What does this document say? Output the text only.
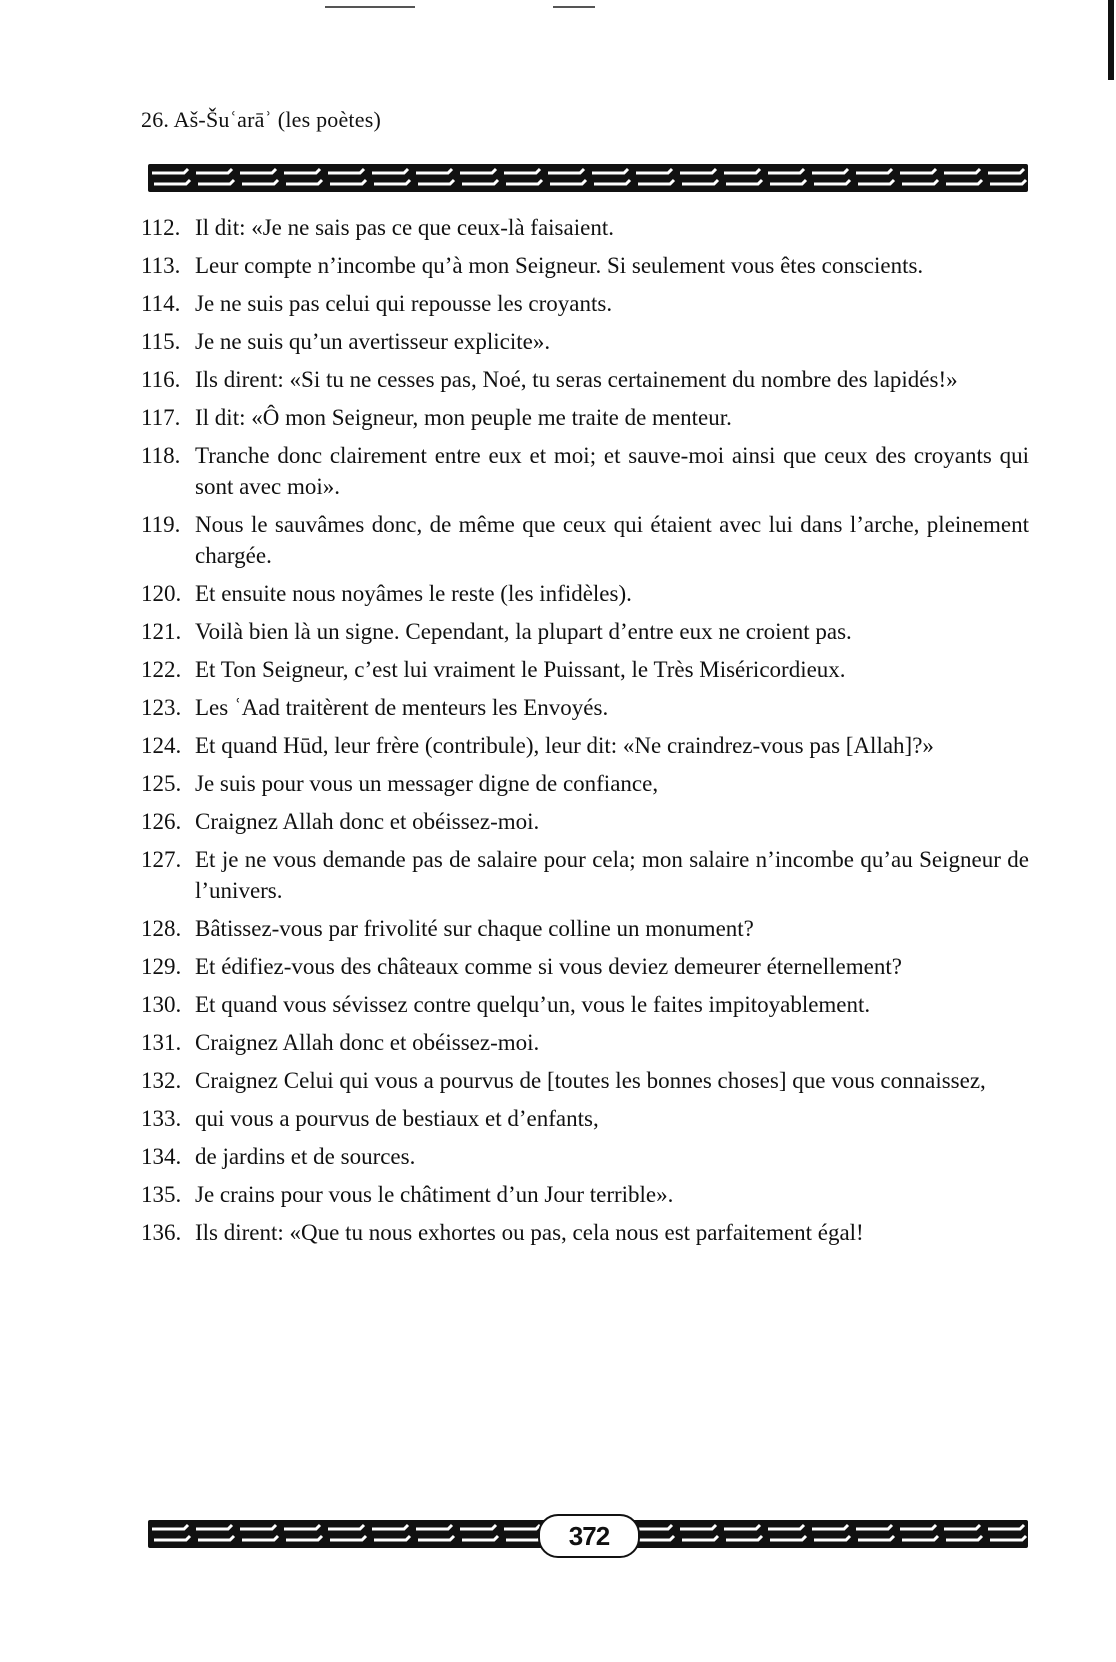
26. Aš-Šuʿarāʾ (les poètes)
112. Il dit: «Je ne sais pas ce que ceux-là faisaient.
113. Leur compte n’incombe qu’à mon Seigneur. Si seulement vous êtes conscients.
114. Je ne suis pas celui qui repousse les croyants.
115. Je ne suis qu’un avertisseur explicite».
116. Ils dirent: «Si tu ne cesses pas, Noé, tu seras certainement du nombre des lapidés!»
117. Il dit: «Ô mon Seigneur, mon peuple me traite de menteur.
118. Tranche donc clairement entre eux et moi; et sauve-moi ainsi que ceux des croyants qui sont avec moi».
119. Nous le sauvâmes donc, de même que ceux qui étaient avec lui dans l’arche, pleinement chargée.
120. Et ensuite nous noyâmes le reste (les infidèles).
121. Voilà bien là un signe. Cependant, la plupart d’entre eux ne croient pas.
122. Et Ton Seigneur, c’est lui vraiment le Puissant, le Très Miséricordieux.
123. Les ʿAad traitèrent de menteurs les Envoyés.
124. Et quand Hūd, leur frère (contribule), leur dit: «Ne craindrez-vous pas [Allah]?»
125. Je suis pour vous un messager digne de confiance,
126. Craignez Allah donc et obéissez-moi.
127. Et je ne vous demande pas de salaire pour cela; mon salaire n’incombe qu’au Seigneur de l’univers.
128. Bâtissez-vous par frivolité sur chaque colline un monument?
129. Et édifiez-vous des châteaux comme si vous deviez demeurer éternellement?
130. Et quand vous sévissez contre quelqu’un, vous le faites impitoyablement.
131. Craignez Allah donc et obéissez-moi.
132. Craignez Celui qui vous a pourvus de [toutes les bonnes choses] que vous connaissez,
133. qui vous a pourvus de bestiaux et d’enfants,
134. de jardins et de sources.
135. Je crains pour vous le châtiment d’un Jour terrible».
136. Ils dirent: «Que tu nous exhortes ou pas, cela nous est parfaitement égal!
372
